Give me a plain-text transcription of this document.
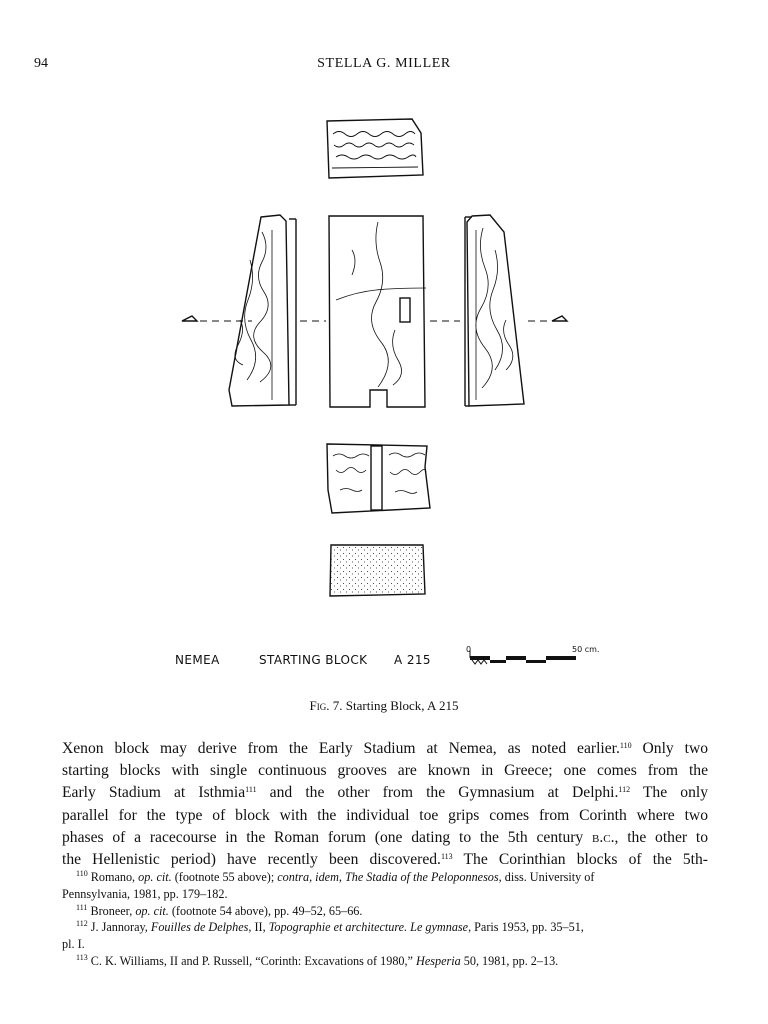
94	STELLA G. MILLER
NEMEA	STARTING BLOCK A 215
0	50 cm.
Fig. 7. Starting Block, A 215
Xenon block may derive from the Early Stadium at Nemea, as noted earlier.$^{110}$ Only two
starting blocks with single continuous grooves are known in Greece; one comes from the
Early Stadium at Isthmia$^{111}$ and the other from the Gymnasium at Delphi.$^{112}$ The only
parallel for the type of block with the individual toe grips comes from Corinth where two
phases of a racecourse in the Roman forum (one dating to the 5th century b.c., the other to
the Hellenistic period) have recently been discovered.$^{113}$ The Corinthian blocks of the 5th-
$^{110}$ Romano, op. cit. (footnote 55 above); contra, idem, The Stadia of the Peloponnesos, diss. University of
Pennsylvania, 1981, pp. 179–182.
$^{111}$ Broneer, op. cit. (footnote 54 above), pp. 49–52, 65–66.
$^{112}$ J. Jannoray, Fouilles de Delphes, II, Topographie et architecture. Le gymnase, Paris 1953, pp. 35–51,
pl. I.
$^{113}$ C. K. Williams, II and P. Russell, “Corinth: Excavations of 1980,” Hesperia 50, 1981, pp. 2–13.
